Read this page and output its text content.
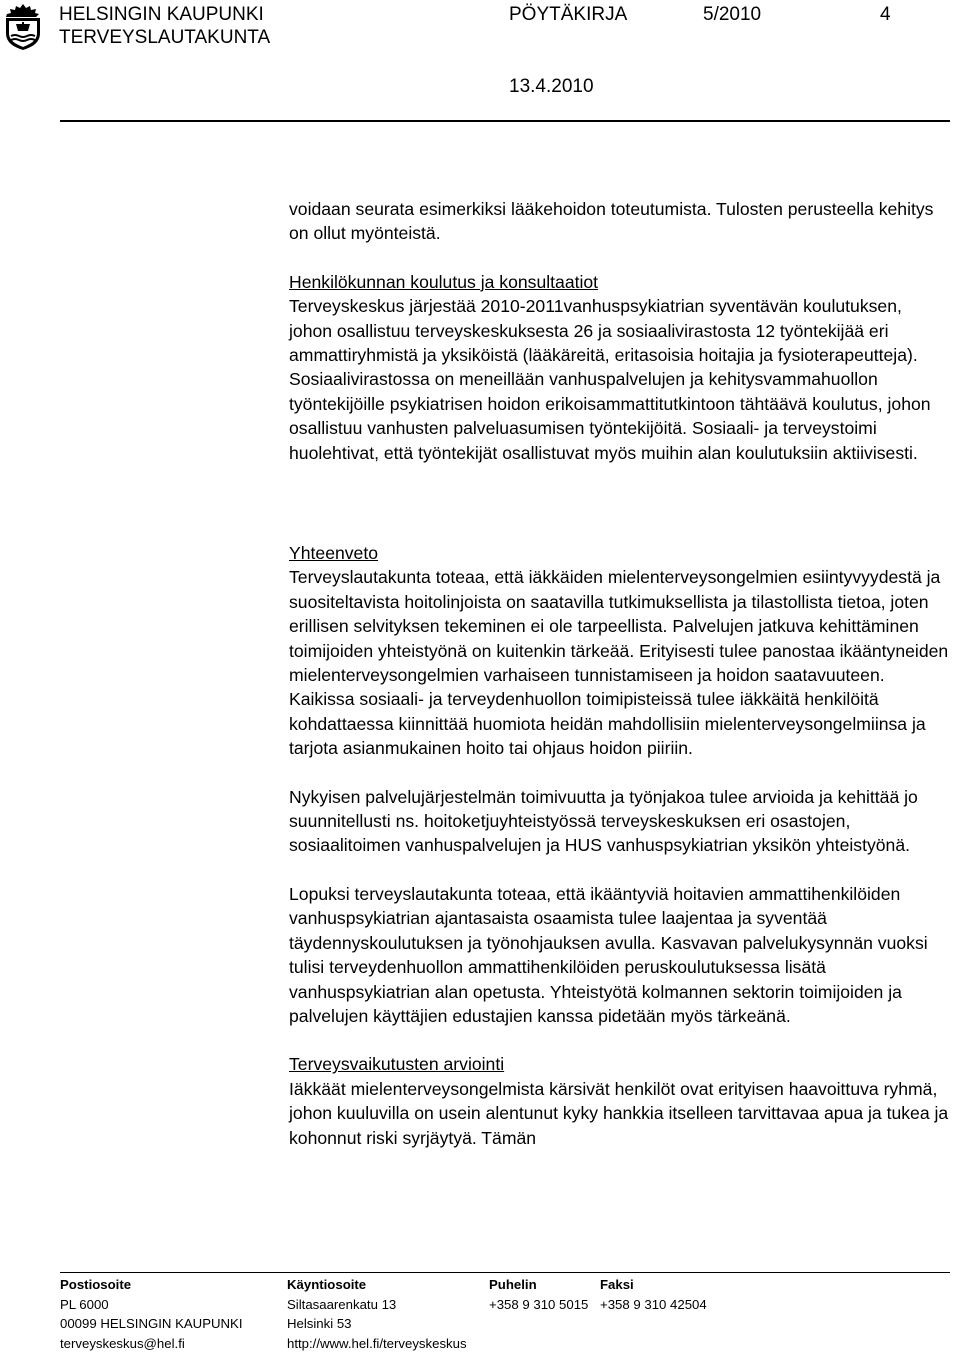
HELSINGIN KAUPUNKI
TERVEYSLAUTAKUNTA
PÖYTÄKIRJA	5/2010	4
13.4.2010

voidaan seurata esimerkiksi lääkehoidon toteutumista. Tulosten perusteella kehitys on ollut myönteistä.

Henkilökunnan koulutus ja konsultaatiot

Terveyskeskus järjestää 2010-2011vanhuspsykiatrian syventävän koulutuksen, johon osallistuu terveyskeskuksesta 26 ja sosiaalivirastosta 12 työntekijää eri ammattiryhmistä ja yksiköistä (lääkäreitä, eritasoisia hoitajia ja fysioterapeutteja). Sosiaalivirastossa on meneillään vanhuspalvelujen ja kehitysvammahuollon työntekijöille psykiatrisen hoidon erikoisammattitutkintoon tähtäävä koulutus, johon osallistuu vanhusten palveluasumisen työntekijöitä. Sosiaali- ja terveystoimi huolehtivat, että työntekijät osallistuvat myös muihin alan koulutuksiin aktiivisesti.

Yhteenveto

Terveyslautakunta toteaa, että iäkkäiden mielenterveysongelmien esiintyvyydestä ja suositeltavista hoitolinjoista on saatavilla tutkimuksellista ja tilastollista tietoa, joten erillisen selvityksen tekeminen ei ole tarpeellista. Palvelujen jatkuva kehittäminen toimijoiden yhteistyönä on kuitenkin tärkeää. Erityisesti tulee panostaa ikääntyneiden mielenterveysongelmien varhaiseen tunnistamiseen ja hoidon saatavuuteen. Kaikissa sosiaali- ja terveydenhuollon toimipisteissä tulee iäkkäitä henkilöitä kohdattaessa kiinnittää huomiota heidän mahdollisiin mielenterveysongelmiinsa ja tarjota asianmukainen hoito tai ohjaus hoidon piiriin.

Nykyisen palvelujärjestelmän toimivuutta ja työnjakoa tulee arvioida ja kehittää jo suunnitellusti ns. hoitoketjuyhteistyössä terveyskeskuksen eri osastojen, sosiaalitoimen vanhuspalvelujen ja HUS vanhuspsykiatrian yksikön yhteistyönä.

Lopuksi terveyslautakunta toteaa, että ikääntyviä hoitavien ammattihenkilöiden vanhuspsykiatrian ajantasaista osaamista tulee laajentaa ja syventää täydennyskoulutuksen ja työnohjauksen avulla. Kasvavan palvelukysynnän vuoksi tulisi terveydenhuollon ammattihenkilöiden peruskoulutuksessa lisätä vanhuspsykiatrian alan opetusta. Yhteistyötä kolmannen sektorin toimijoiden ja palvelujen käyttäjien edustajien kanssa pidetään myös tärkeänä.

Terveysvaikutusten arviointi

Iäkkäät mielenterveysongelmista kärsivät henkilöt ovat erityisen haavoittuva ryhmä, johon kuuluvilla on usein alentunut kyky hankkia itselleen tarvittavaa apua ja tukea ja kohonnut riski syrjäytyä. Tämän

Postiosoite
PL 6000
00099 HELSINGIN KAUPUNKI
terveyskeskus@hel.fi
Käyntiosoite
Siltasaarenkatu 13
Helsinki 53
http://www.hel.fi/terveyskeskus
Puhelin
+358 9 310 5015
Faksi
+358 9 310 42504
